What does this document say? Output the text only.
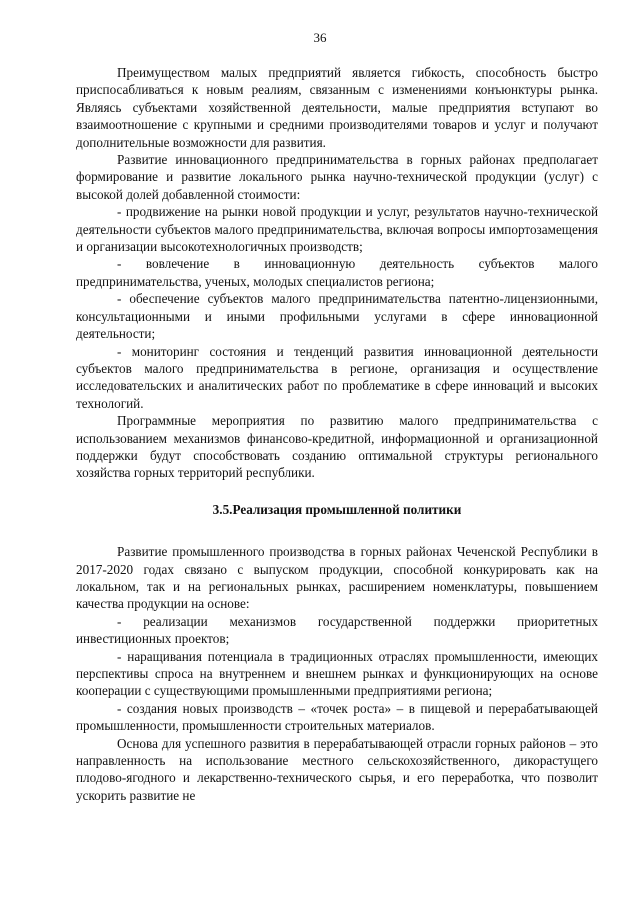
36

Преимуществом малых предприятий является гибкость, способность быстро приспосабливаться к новым реалиям, связанным с изменениями конъюнктуры рынка. Являясь субъектами хозяйственной деятельности, малые предприятия вступают во взаимоотношение с крупными и средними производителями товаров и услуг и получают дополнительные возможности для развития.

Развитие инновационного предпринимательства в горных районах предполагает формирование и развитие локального рынка научно-технической продукции (услуг) с высокой долей добавленной стоимости:

- продвижение на рынки новой продукции и услуг, результатов научно-технической деятельности субъектов малого предпринимательства, включая вопросы импортозамещения и организации высокотехнологичных производств;

- вовлечение в инновационную деятельность субъектов малого предпринимательства, ученых, молодых специалистов региона;

- обеспечение субъектов малого предпринимательства патентно-лицензионными, консультационными и иными профильными услугами в сфере инновационной деятельности;

- мониторинг состояния и тенденций развития инновационной деятельности субъектов малого предпринимательства в регионе, организация и осуществление исследовательских и аналитических работ по проблематике в сфере инноваций и высоких технологий.

Программные мероприятия по развитию малого предпринимательства с использованием механизмов финансово-кредитной, информационной и организационной поддержки будут способствовать созданию оптимальной структуры регионального хозяйства горных территорий республики.

3.5.Реализация промышленной политики

Развитие промышленного производства в горных районах Чеченской Республики в 2017-2020 годах связано с выпуском продукции, способной конкурировать как на локальном, так и на региональных рынках, расширением номенклатуры, повышением качества продукции на основе:

- реализации механизмов государственной поддержки приоритетных инвестиционных проектов;

- наращивания потенциала в традиционных отраслях промышленности, имеющих перспективы спроса на внутреннем и внешнем рынках и функционирующих на основе кооперации с существующими промышленными предприятиями региона;

- создания новых производств – «точек роста» – в пищевой и перерабатывающей промышленности, промышленности строительных материалов.

Основа для успешного развития в перерабатывающей отрасли горных районов – это направленность на использование местного сельскохозяйственного, дикорастущего плодово-ягодного и лекарственно-технического сырья, и его переработка, что позволит ускорить развитие не
